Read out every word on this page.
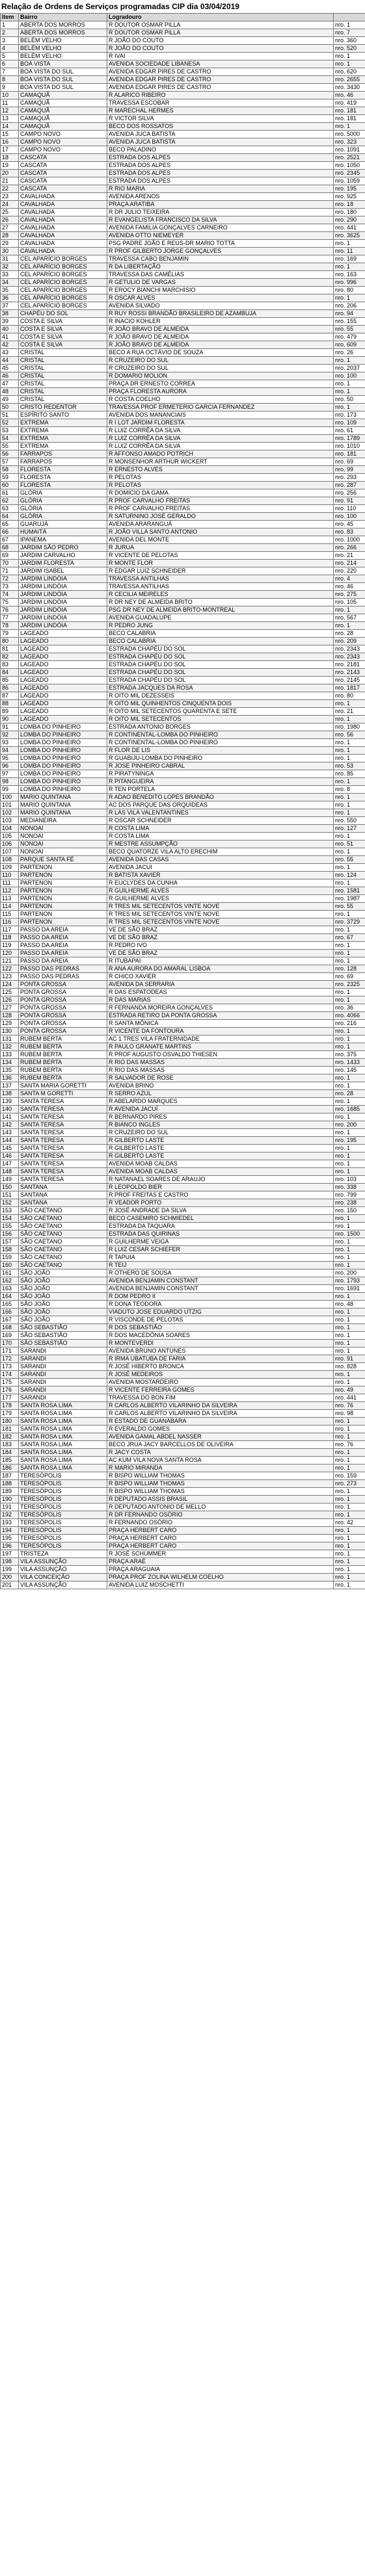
Relação de Ordens de Serviços programadas CIP dia 03/04/2019
Item	Bairro	Logradouro	
1	ABERTA DOS MORROS	R DOUTOR OSMAR PILLA	nro. 1
2	ABERTA DOS MORROS	R DOUTOR OSMAR PILLA	nro. 7
3	BELÉM VELHO	R JOÃO DO COUTO	nro. 360
4	BELÉM VELHO	R JOÃO DO COUTO	nro. 520
5	BELÉM VELHO	R IVAI	nro. 1
6	BOA VISTA	AVENIDA SOCIEDADE LIBANESA	nro. 1
7	BOA VISTA DO SUL	AVENIDA EDGAR PIRES DE CASTRO	nro. 620
8	BOA VISTA DO SUL	AVENIDA EDGAR PIRES DE CASTRO	nro. 2655
9	BOA VISTA DO SUL	AVENIDA EDGAR PIRES DE CASTRO	nro. 3430
10	CAMAQUÃ	R ALARICO RIBEIRO	nro. 46
11	CAMAQUÃ	TRAVESSA ESCOBAR	nro. 419
12	CAMAQUÃ	R MARECHAL HERMES	nro. 181
13	CAMAQUÃ	R VICTOR SILVA	nro. 181
14	CAMAQUÃ	BECO DOS ROSSATOS	nro. 1
15	CAMPO NOVO	AVENIDA JUCA BATISTA	nro. 5000
16	CAMPO NOVO	AVENIDA JUCA BATISTA	nro. 323
17	CAMPO NOVO	BECO PALADINO	nro. 1091
18	CASCATA	ESTRADA DOS ALPES	nro. 2521
19	CASCATA	ESTRADA DOS ALPES	nro. 1050
20	CASCATA	ESTRADA DOS ALPES	nro. 2345
21	CASCATA	ESTRADA DOS ALPES	nro. 1059
22	CASCATA	R RIO MARIA	nro. 195
23	CAVALHADA	AVENIDA ARENOS	nro. 925
24	CAVALHADA	PRAÇA ARATIBA	nro. 18
25	CAVALHADA	R DR JULIO TEIXEIRA	nro. 180
26	CAVALHADA	R EVANGELISTA FRANCISCO DA SILVA	nro. 290
27	CAVALHADA	AVENIDA FAMILIA GONÇALVES CARNEIRO	nro. 441
28	CAVALHADA	AVENIDA OTTO NIEMEYER	nro. 3625
29	CAVALHADA	PSG PADRE JOÃO E REUS-DR MARIO TOTTA	nro. 1
30	CAVALHADA	R PROF GILBERTO JORGE GONÇALVES	nro. 11
31	CEL APARÍCIO BORGES	TRAVESSA CABO BENJAMIN	nro. 169
32	CEL APARÍCIO BORGES	R DA LIBERTAÇÃO	nro. 1
33	CEL APARÍCIO BORGES	TRAVESSA DAS CAMÉLIAS	nro. 163
34	CEL APARÍCIO BORGES	R GETULIO DE VARGAS	nro. 996
35	CEL APARÍCIO BORGES	R EROCY BIANCHI MARCHISIO	nro. 80
36	CEL APARÍCIO BORGES	R OSCAR ALVES	nro. 1
37	CEL APARÍCIO BORGES	AVENIDA SILVADO	nro. 206
38	CHAPÉU DO SOL	R RUY ROSSI BRANDÃO BRASILEIRO DE AZAMBUJA	nro. 94
39	COSTA E SILVA	R INACIO KOHLER	nro. 155
40	COSTA E SILVA	R JOÃO BRAVO DE ALMEIDA	nro. 55
41	COSTA E SILVA	R JOÃO BRAVO DE ALMEIDA	nro. 479
42	COSTA E SILVA	R JOÃO BRAVO DE ALMEIDA	nro. 609
43	CRISTAL	BECO A RUA OCTÁVIO DE SOUZA	nro. 26
44	CRISTAL	R CRUZEIRO DO SUL	nro. 1
45	CRISTAL	R CRUZEIRO DO SUL	nro. 2037
46	CRISTAL	R DOMARIO MOLION	nro. 100
47	CRISTAL	PRAÇA DR ERNESTO CORREA	nro. 1
48	CRISTAL	PRAÇA FLORESTA AURORA	nro. 1
49	CRISTAL	R COSTA COELHO	nro. 50
50	CRISTO REDENTOR	TRAVESSA PROF ERMETERIO GARCIA FERNANDEZ	nro. 1
51	ESPÍRITO SANTO	AVENIDA DOS MANANCIAIS	nro. 173
52	EXTREMA	R I LOT JARDIM FLORESTA	nro. 109
53	EXTREMA	R LUIZ CORRÊA DA SILVA	nro. 61
54	EXTREMA	R LUIZ CORRÊA DA SILVA	nro. 1789
55	EXTREMA	R LUIZ CORRÊA DA SILVA	nro. 1010
56	FARRAPOS	R AFFONSO AMADO POTRICH	nro. 181
57	FARRAPOS	R MONSENHOR ARTHUR WICKERT	nro. 69
58	FLORESTA	R ERNESTO ALVES	nro. 99
59	FLORESTA	R PELOTAS	nro. 293
60	FLORESTA	R PELOTAS	nro. 287
61	GLÓRIA	R DOMICIO DA GAMA	nro. 256
62	GLÓRIA	R PROF CARVALHO FREITAS	nro. 91
63	GLÓRIA	R PROF CARVALHO FREITAS	nro. 110
64	GLÓRIA	R SATURNINO JOSÉ GERALDO	nro. 100
65	GUARUJÁ	AVENIDA ARARANGUÁ	nro. 45
66	HUMAITÁ	R JOÃO VILLA SANTO ANTONIO	nro. 83
67	IPANEMA	AVENIDA DEL MONTE	nro. 1000
68	JARDIM SÃO PEDRO	R JURUA	nro. 266
69	JARDIM CARVALHO	R VICENTE DE PELOTAS	nro. 21
70	JARDIM FLORESTA	R MONTE FLOR	nro. 214
71	JARDIM ISABEL	R EDGAR LUIZ SCHNEIDER	nro. 220
72	JARDIM LINDÓIA	TRAVESSA ANTILHAS	nro. 4
73	JARDIM LINDÓIA	TRAVESSA ANTILHAS	nro. 46
74	JARDIM LINDÓIA	R CECILIA MEIRELES	nro. 275
75	JARDIM LINDÓIA	R DR NEY DE ALMEIDA BRITO	nro. 105
76	JARDIM LINDÓIA	PSG DR NEY DE ALMEIDA BRITO-MONTREAL	nro. 1
77	JARDIM LINDÓIA	AVENIDA GUADALUPE	nro. 567
78	JARDIM LINDÓIA	R PEDRO JUNG	nro. 1
79	LAGEADO	BECO CALABRIA	nro. 28
80	LAGEADO	BECO CALABRIA	nro. 209
81	LAGEADO	ESTRADA CHAPÉU DO SOL	nro. 2343
82	LAGEADO	ESTRADA CHAPÉU DO SOL	nro. 2343
83	LAGEADO	ESTRADA CHAPÉU DO SOL	nro. 2181
84	LAGEADO	ESTRADA CHAPÉU DO SOL	nro. 2143
85	LAGEADO	ESTRADA CHAPÉU DO SOL	nro. 2145
86	LAGEADO	ESTRADA JACQUES DA ROSA	nro. 1817
87	LAGEADO	R OITO MIL DEZESSEIS	nro. 80
88	LAGEADO	R OITO MIL QUINHENTOS CINQUENTA DOIS	nro. 1
89	LAGEADO	R OITO MIL SETECENTOS QUARENTA E SETE	nro. 21
90	LAGEADO	R OITO MIL SETECENTOS	nro. 1
91	LOMBA DO PINHEIRO	ESTRADA ANTONIO BORGES	nro. 1980
92	LOMBA DO PINHEIRO	R CONTINENTAL-LOMBA DO PINHEIRO	nro. 56
93	LOMBA DO PINHEIRO	R CONTINENTAL-LOMBA DO PINHEIRO	nro. 1
94	LOMBA DO PINHEIRO	R FLOR DE LIS	nro. 1
95	LOMBA DO PINHEIRO	R GUABIJU-LOMBA DO PINHEIRO	nro. 1
96	LOMBA DO PINHEIRO	R JOSE PINHEIRO CABRAL	nro. 53
97	LOMBA DO PINHEIRO	R PIRATYNINGA	nro. 85
98	LOMBA DO PINHEIRO	R PITANGUEIRA	nro. 1
99	LOMBA DO PINHEIRO	R TEN PORTELA	nro. 8
100	MARIO QUINTANA	R ADAO BENEDITO LOPES BRANDÃO	nro. 1
101	MARIO QUINTANA	AC DOS PARQUE DAS ORQUIDEAS	nro. 1
102	MARIO QUINTANA	R LAS VILA VALENTANTINES	nro. 1
103	MEDIANEIRA	R OSCAR SCHNEIDER	nro. 550
104	NONOAI	R COSTA LIMA	nro. 127
105	NONOAI	R COSTA LIMA	nro. 1
106	NONOAI	R MESTRE ASSUMPÇÃO	nro. 51
107	NONOAI	BECO QUATORZE VILA ALTO ERECHIM	nro. 1
108	PARQUE SANTA FÉ	AVENIDA DAS CASAS	nro. 55
109	PARTENON	AVENIDA JACUI	nro. 1
110	PARTENON	R BATISTA XAVIER	nro. 124
111	PARTENON	R EUCLYDES DA CUNHA	nro. 1
112	PARTENON	R GUILHERME ALVES	nro. 1581
113	PARTENON	R GUILHERME ALVES	nro. 1987
114	PARTENON	R TRES MIL SETECENTOS VINTE NOVE	nro. 55
115	PARTENON	R TRES MIL SETECENTOS VINTE NOVE	nro. 1
116	PARTENON	R TRES MIL SETECENTOS VINTE NOVE	nro. 3729
117	PASSO DA AREIA	VE DE SÃO BRAZ	nro. 1
118	PASSO DA AREIA	VE DE SÃO BRAZ	nro. 67
119	PASSO DA AREIA	R PEDRO IVO	nro. 1
120	PASSO DA AREIA	VE DE SÃO BRAZ	nro. 1
121	PASSO DA AREIA	R ITUBAPAI	nro. 1
122	PASSO DAS PEDRAS	R ANA AURORA DO AMARAL LISBOA	nro. 128
123	PASSO DAS PEDRAS	R CHICO XAVIER	nro. 69
124	PONTA GROSSA	AVENIDA DA SERRARIA	nro. 2325
125	PONTA GROSSA	R DAS ESPATODEAS	nro. 1
126	PONTA GROSSA	R DAS MARIAS	nro. 1
127	PONTA GROSSA	R FERNANDA MOREIRA GONÇALVES	nro. 36
128	PONTA GROSSA	ESTRADA RETIRO DA PONTA GROSSA	nro. 4066
129	PONTA GROSSA	R SANTA MÔNICA	nro. 216
130	PONTA GROSSA	R VICENTE DA FONTOURA	nro. 1
131	RUBEM BERTA	AC 1 TRES VILA FRATERNIDADE	nro. 1
132	RUBEM BERTA	R PAULO GRANATE MARTINS	nro. 1
133	RUBEM BERTA	R PROF AUGUSTO OSVALDO THIESEN	nro. 375
134	RUBEM BERTA	R RIO DAS MASSAS	nro. 1433
135	RUBEM BERTA	R RIO DAS MASSAS	nro. 145
136	RUBEM BERTA	R SALVADOR DE ROSE	nro. 1
137	SANTA MARIA GORETTI	AVENIDA BRINO	nro. 1
138	SANTA M GORETTI	R SERRO AZUL	nro. 28
139	SANTA TERESA	R ABELARDO MARQUES	nro. 1
140	SANTA TERESA	R AVENIDA JACUÍ	nro. 1685
141	SANTA TERESA	R BERNARDO PIRES	nro. 1
142	SANTA TERESA	R BIANCO INGLES	nro. 200
143	SANTA TERESA	R CRUZEIRO DO SUL	nro. 1
144	SANTA TERESA	R GILBERTO LASTE	nro. 195
145	SANTA TERESA	R GILBERTO LASTE	nro. 1
146	SANTA TERESA	R GILBERTO LASTE	nro. 1
147	SANTA TERESA	AVENIDA MOAB CALDAS	nro. 1
148	SANTA TERESA	AVENIDA MOAB CALDAS	nro. 1
149	SANTA TERESA	R NATANAEL SOARES DE ARAUJO	nro. 103
150	SANTANA	R LEOPOLDO BIER	nro. 338
151	SANTANA	R PROF FREITAS E CASTRO	nro. 799
152	SANTANA	R VEADOR PORTO	nro. 238
153	SÃO CAETANO	R JOSÉ ANDRADE DA SILVA	nro. 150
154	SÃO CAETANO	BECO CASEMIRO SCHMIEDEL	nro. 1
155	SÃO CAETANO	ESTRADA DA TAQUARA	nro. 1
156	SÃO CAETANO	ESTRADA DAS QUIRINAS	nro. 1500
157	SÃO CAETANO	R GUILHERME VEIGA	nro. 1
158	SÃO CAETANO	R LUIZ CESAR SCHIEFER	nro. 1
159	SÃO CAETANO	R TAPUIA	nro. 1
160	SÃO CAETANO	R TEIJ	nro. 1
161	SÃO JOÃO	R OTHERO DE SOUSA	nro. 200
162	SÃO JOÃO	AVENIDA BENJAMIN CONSTANT	nro. 1793
163	SÃO JOÃO	AVENIDA BENJAMIN CONSTANT	nro. 1691
164	SÃO JOÃO	R DOM PEDRO II	nro. 1
165	SÃO JOÃO	R DONA TEODORA	nro. 48
166	SÃO JOÃO	VIADUTO JOSE EDUARDO UTZIG	nro. 1
167	SÃO JOÃO	R VISCONDE DE PELOTAS	nro. 1
168	SÃO SEBASTIÃO	R DOS SEBASTIÃO	nro. 1
169	SÃO SEBASTIÃO	R DOS MACEDÔNIA SOARES	nro. 1
170	SÃO SEBASTIÃO	R MONTEVERDI	nro. 1
171	SARANDI	AVENIDA BRUNO ANTUNES	nro. 1
172	SARANDI	R IRMA UBATUBA DE FARIA	nro. 91
173	SARANDI	R JOSÉ HIBERTO BRONCA	nro. 828
174	SARANDI	R JOSÉ MEDEIROS	nro. 1
175	SARANDI	AVENIDA MOSTARDEIRO	nro. 1
176	SARANDI	R VICENTE FERREIRA GOMES	nro. 49
177	SARANDI	TRAVESSA DO BON FIM	nro. 441
178	SANTA ROSA LIMA	R CARLOS ALBERTO VILARINHO DA SILVEIRA	nro. 76
179	SANTA ROSA LIMA	R CARLOS ALBERTO VILARINHO DA SILVEIRA	nro. 98
180	SANTA ROSA LIMA	R ESTADO DE GUANABARA	nro. 1
181	SANTA ROSA LIMA	R EVERALDO GOMES	nro. 1
182	SANTA ROSA LIMA	AVENIDA GAMAL ABDEL NASSER	nro. 1
183	SANTA ROSA LIMA	BECO JRUA JACY BARCELLOS DE OLIVEIRA	nro. 76
184	SANTA ROSA LIMA	R JACY COSTA	nro. 1
185	SANTA ROSA LIMA	AC KUM VILA NOVA SANTA ROSA	nro. 1
186	SANTA ROSA LIMA	R MARIO MIRANDA	nro. 1
187	TERESÓPOLIS	R BISPO WILLIAM THOMAS	nro. 159
188	TERESÓPOLIS	R BISPO WILLIAM THOMAS	nro. 273
189	TERESÓPOLIS	R BISPO WILLIAM THOMAS	nro. 1
190	TERESÓPOLIS	R DEPUTADO ASSIS BRASIL	nro. 1
191	TERESÓPOLIS	R DEPUTADO ANTONIO DE MELLO	nro. 1
192	TERESÓPOLIS	R DR FERNANDO OSÓRIO	nro. 1
193	TERESÓPOLIS	R FERNANDO OSÓRIO	nro. 42
194	TERESÓPOLIS	PRAÇA HERBERT CARO	nro. 1
195	TERESÓPOLIS	PRAÇA HERBERT CARO	nro. 1
196	TERESÓPOLIS	PRAÇA HERBERT CARO	nro. 1
197	TRISTEZA	R JOSÉ SCHUMMER	nro. 1
198	VILA ASSUNÇÃO	PRAÇA ARAÉ	nro. 1
199	VILA ASSUNÇÃO	PRAÇA ARAGUAIA	nro. 1
200	VILA CONCEIÇÃO	PRAÇA PROF ZOLINA WILHELM COELHO	nro. 1
201	VILA ASSUNÇÃO	AVENIDA LUIZ MOSCHETTI	nro. 1
